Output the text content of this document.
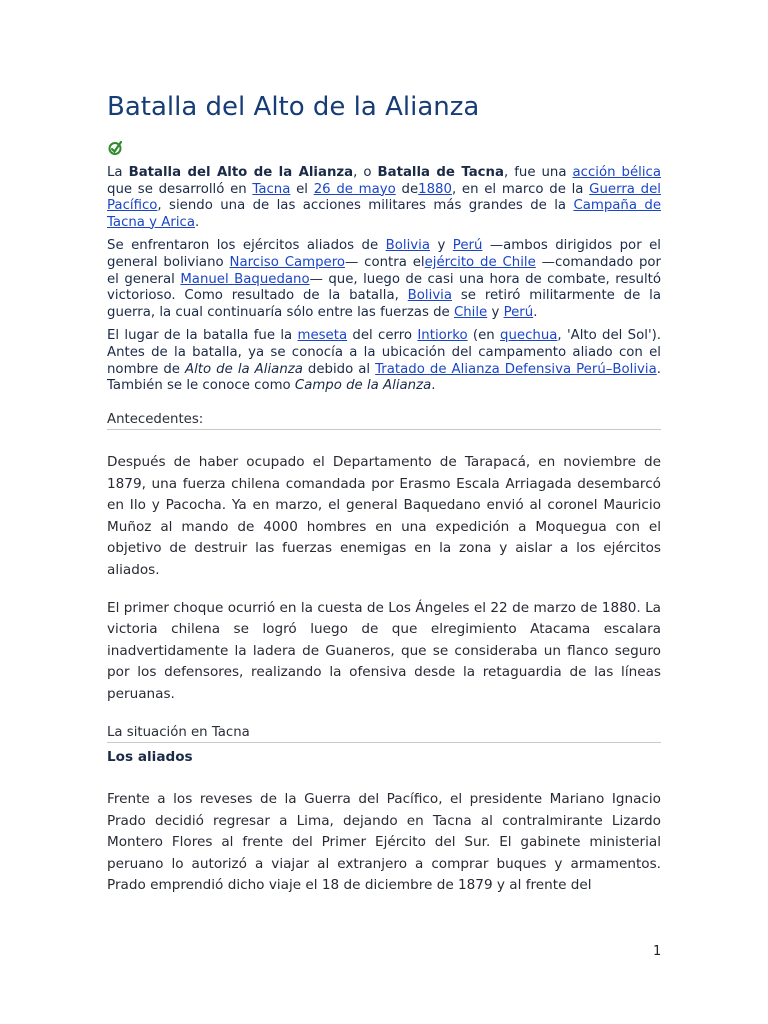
Batalla del Alto de la Alianza

La Batalla del Alto de la Alianza, o Batalla de Tacna, fue una acción bélica que se desarrolló en Tacna el 26 de mayo de1880, en el marco de la Guerra del Pacífico, siendo una de las acciones militares más grandes de la Campaña de Tacna y Arica.

Se enfrentaron los ejércitos aliados de Bolivia y Perú —ambos dirigidos por el general boliviano Narciso Campero— contra elejército de Chile —comandado por el general Manuel Baquedano— que, luego de casi una hora de combate, resultó victorioso. Como resultado de la batalla, Bolivia se retiró militarmente de la guerra, la cual continuaría sólo entre las fuerzas de Chile y Perú.

El lugar de la batalla fue la meseta del cerro Intiorko (en quechua, 'Alto del Sol'). Antes de la batalla, ya se conocía a la ubicación del campamento aliado con el nombre de Alto de la Alianza debido al Tratado de Alianza Defensiva Perú–Bolivia. También se le conoce como Campo de la Alianza.

Antecedentes:

Después de haber ocupado el Departamento de Tarapacá, en noviembre de 1879, una fuerza chilena comandada por Erasmo Escala Arriagada desembarcó en Ilo y Pacocha. Ya en marzo, el general Baquedano envió al coronel Mauricio Muñoz al mando de 4000 hombres en una expedición a Moquegua con el objetivo de destruir las fuerzas enemigas en la zona y aislar a los ejércitos aliados.

El primer choque ocurrió en la cuesta de Los Ángeles el 22 de marzo de 1880. La victoria chilena se logró luego de que elregimiento Atacama escalara inadvertidamente la ladera de Guaneros, que se consideraba un flanco seguro por los defensores, realizando la ofensiva desde la retaguardia de las líneas peruanas.

La situación en Tacna
Los aliados

Frente a los reveses de la Guerra del Pacífico, el presidente Mariano Ignacio Prado decidió regresar a Lima, dejando en Tacna al contralmirante Lizardo Montero Flores al frente del Primer Ejército del Sur. El gabinete ministerial peruano lo autorizó a viajar al extranjero a comprar buques y armamentos. Prado emprendió dicho viaje el 18 de diciembre de 1879 y al frente del

1
